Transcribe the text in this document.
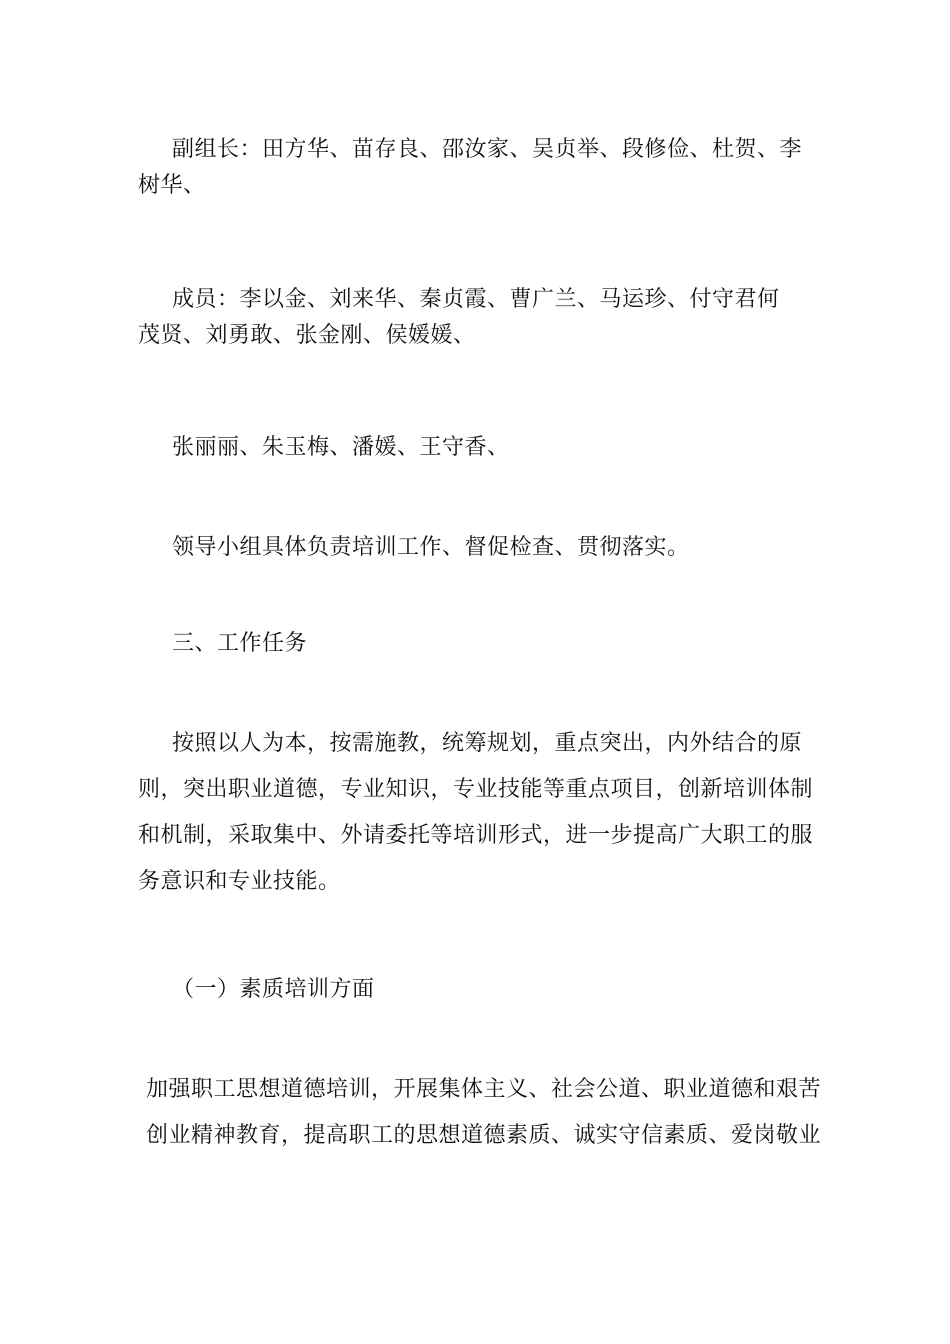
副组长：田方华、苗存良、邵汝家、吴贞举、段修俭、杜贺、李
树华、
成员：李以金、刘来华、秦贞霞、曹广兰、马运珍、付守君何
茂贤、刘勇敢、张金刚、侯媛媛、
张丽丽、朱玉梅、潘媛、王守香、
领导小组具体负责培训工作、督促检查、贯彻落实。
三、工作任务
按照以人为本，按需施教，统筹规划，重点突出，内外结合的原
则，突出职业道德，专业知识，专业技能等重点项目，创新培训体制
和机制，采取集中、外请委托等培训形式，进一步提高广大职工的服
务意识和专业技能。
（一）素质培训方面
加强职工思想道德培训，开展集体主义、社会公道、职业道德和艰苦
创业精神教育，提高职工的思想道德素质、诚实守信素质、爱岗敬业
